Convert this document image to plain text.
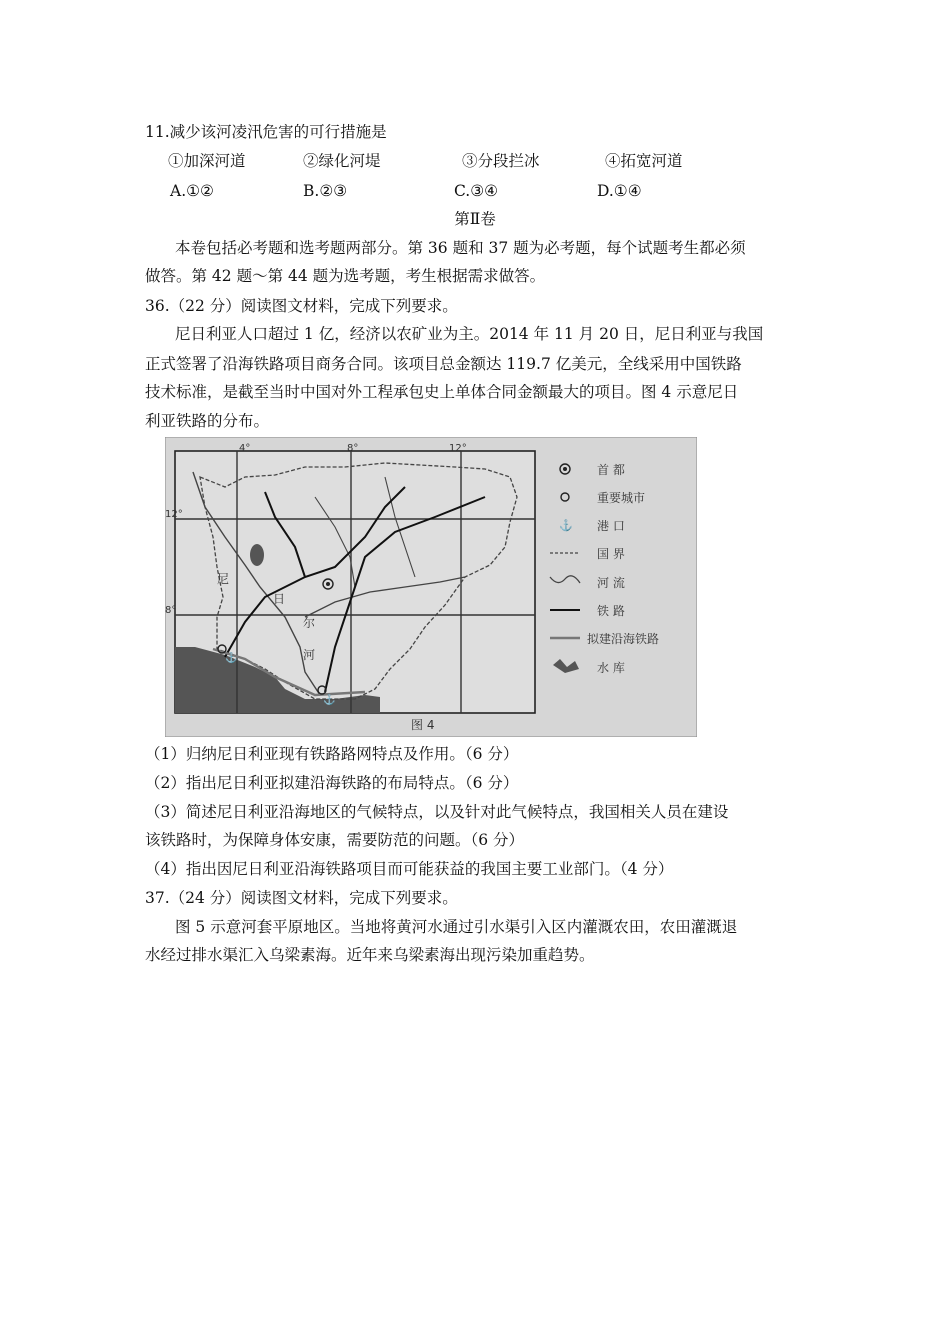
11.减少该河凌汛危害的可行措施是
①加深河道	②绿化河堤	③分段拦冰	④拓宽河道
A.①②	B.②③	C.③④	D.①④
第Ⅱ卷
本卷包括必考题和选考题两部分。第 36 题和 37 题为必考题，每个试题考生都必须
做答。第 42 题～第 44 题为选考题，考生根据需求做答。
36.（22 分）阅读图文材料，完成下列要求。
尼日利亚人口超过 1 亿，经济以农矿业为主。2014 年 11 月 20 日，尼日利亚与我国
正式签署了沿海铁路项目商务合同。该项目总金额达 119.7 亿美元，全线采用中国铁路
技术标准，是截至当时中国对外工程承包史上单体合同金额最大的项目。图 4 示意尼日
利亚铁路的分布。
⚓
⚓
4°	8°	12°
12°
8°
尼
日
尔
河
⚓
首 都
重要城市
港 口
国 界
河 流
铁 路
拟建沿海铁路
水 库
图 4
（1）归纳尼日利亚现有铁路路网特点及作用。（6 分）
（2）指出尼日利亚拟建沿海铁路的布局特点。（6 分）
（3）简述尼日利亚沿海地区的气候特点，以及针对此气候特点，我国相关人员在建设
该铁路时，为保障身体安康，需要防范的问题。（6 分）
（4）指出因尼日利亚沿海铁路项目而可能获益的我国主要工业部门。（4 分）
37.（24 分）阅读图文材料，完成下列要求。
图 5 示意河套平原地区。当地将黄河水通过引水渠引入区内灌溉农田，农田灌溉退
水经过排水渠汇入乌梁素海。近年来乌梁素海出现污染加重趋势。
